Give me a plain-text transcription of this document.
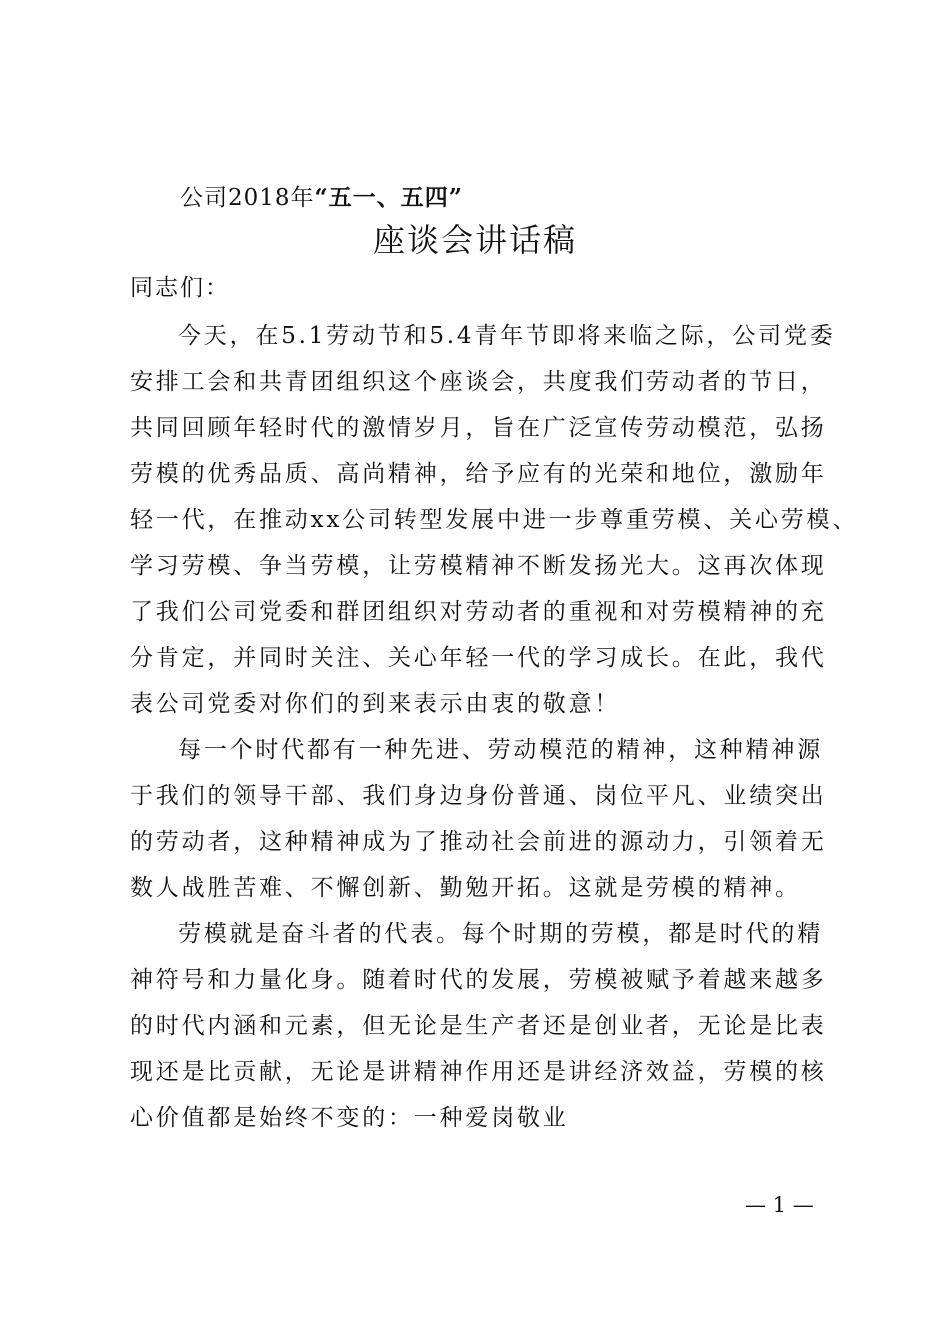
公司2018年“五一、五四”
座谈会讲话稿
同志们：
今天，在5.1劳动节和5.4青年节即将来临之际，公司党委
安排工会和共青团组织这个座谈会，共度我们劳动者的节日，
共同回顾年轻时代的激情岁月，旨在广泛宣传劳动模范，弘扬
劳模的优秀品质、高尚精神，给予应有的光荣和地位，激励年
轻一代，在推动xx公司转型发展中进一步尊重劳模、关心劳模、
学习劳模、争当劳模，让劳模精神不断发扬光大。这再次体现
了我们公司党委和群团组织对劳动者的重视和对劳模精神的充
分肯定，并同时关注、关心年轻一代的学习成长。在此，我代
表公司党委对你们的到来表示由衷的敬意！
每一个时代都有一种先进、劳动模范的精神，这种精神源
于我们的领导干部、我们身边身份普通、岗位平凡、业绩突出
的劳动者，这种精神成为了推动社会前进的源动力，引领着无
数人战胜苦难、不懈创新、勤勉开拓。这就是劳模的精神。
劳模就是奋斗者的代表。每个时期的劳模，都是时代的精
神符号和力量化身。随着时代的发展，劳模被赋予着越来越多
的时代内涵和元素，但无论是生产者还是创业者，无论是比表
现还是比贡献，无论是讲精神作用还是讲经济效益，劳模的核
心价值都是始终不变的：一种爱岗敬业
— 1 —
